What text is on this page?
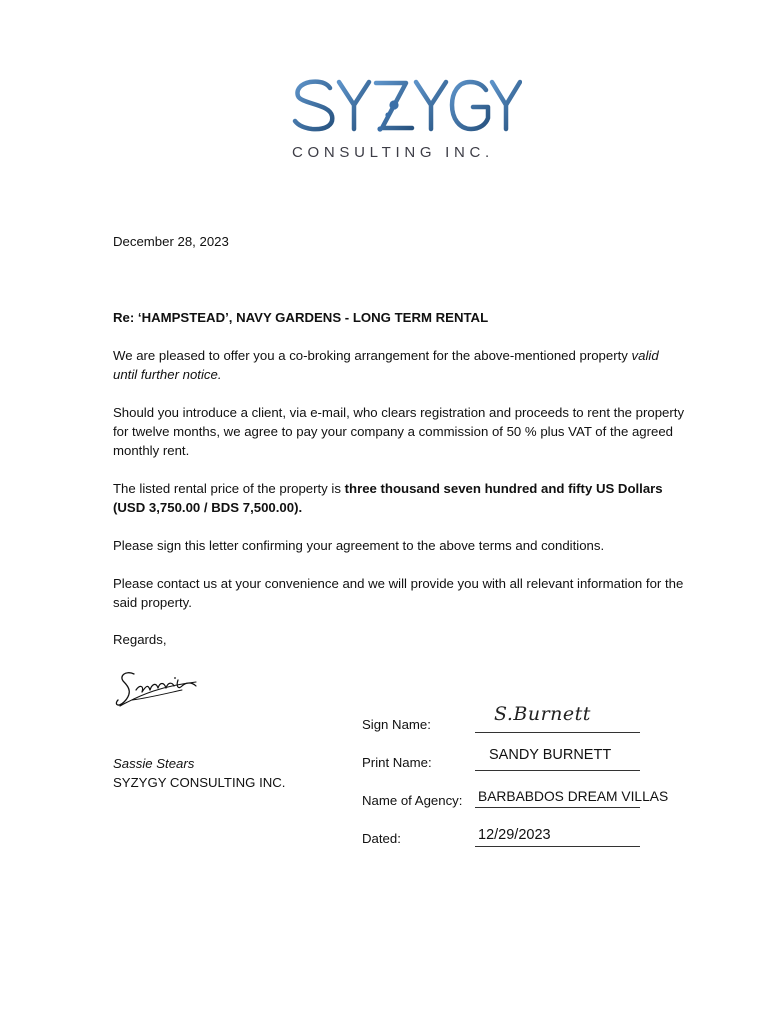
CONSULTING INC.
December 28, 2023
Re: ‘HAMPSTEAD’, NAVY GARDENS - LONG TERM RENTAL
We are pleased to offer you a co-broking arrangement for the above-mentioned property valid until further notice.
Should you introduce a client, via e-mail, who clears registration and proceeds to rent the property for twelve months, we agree to pay your company a commission of 50 % plus VAT of the agreed monthly rent.
The listed rental price of the property is three thousand seven hundred and fifty US Dollars (USD 3,750.00 / BDS 7,500.00).
Please sign this letter confirming your agreement to the above terms and conditions.
Please contact us at your convenience and we will provide you with all relevant information for the said property.
Regards,
Sassie Stears
SYZYGY CONSULTING INC.
Sign Name:	S.Burnett
Print Name:	SANDY BURNETT
Name of Agency: BARBABDOS DREAM VILLAS
Dated:	12/29/2023
